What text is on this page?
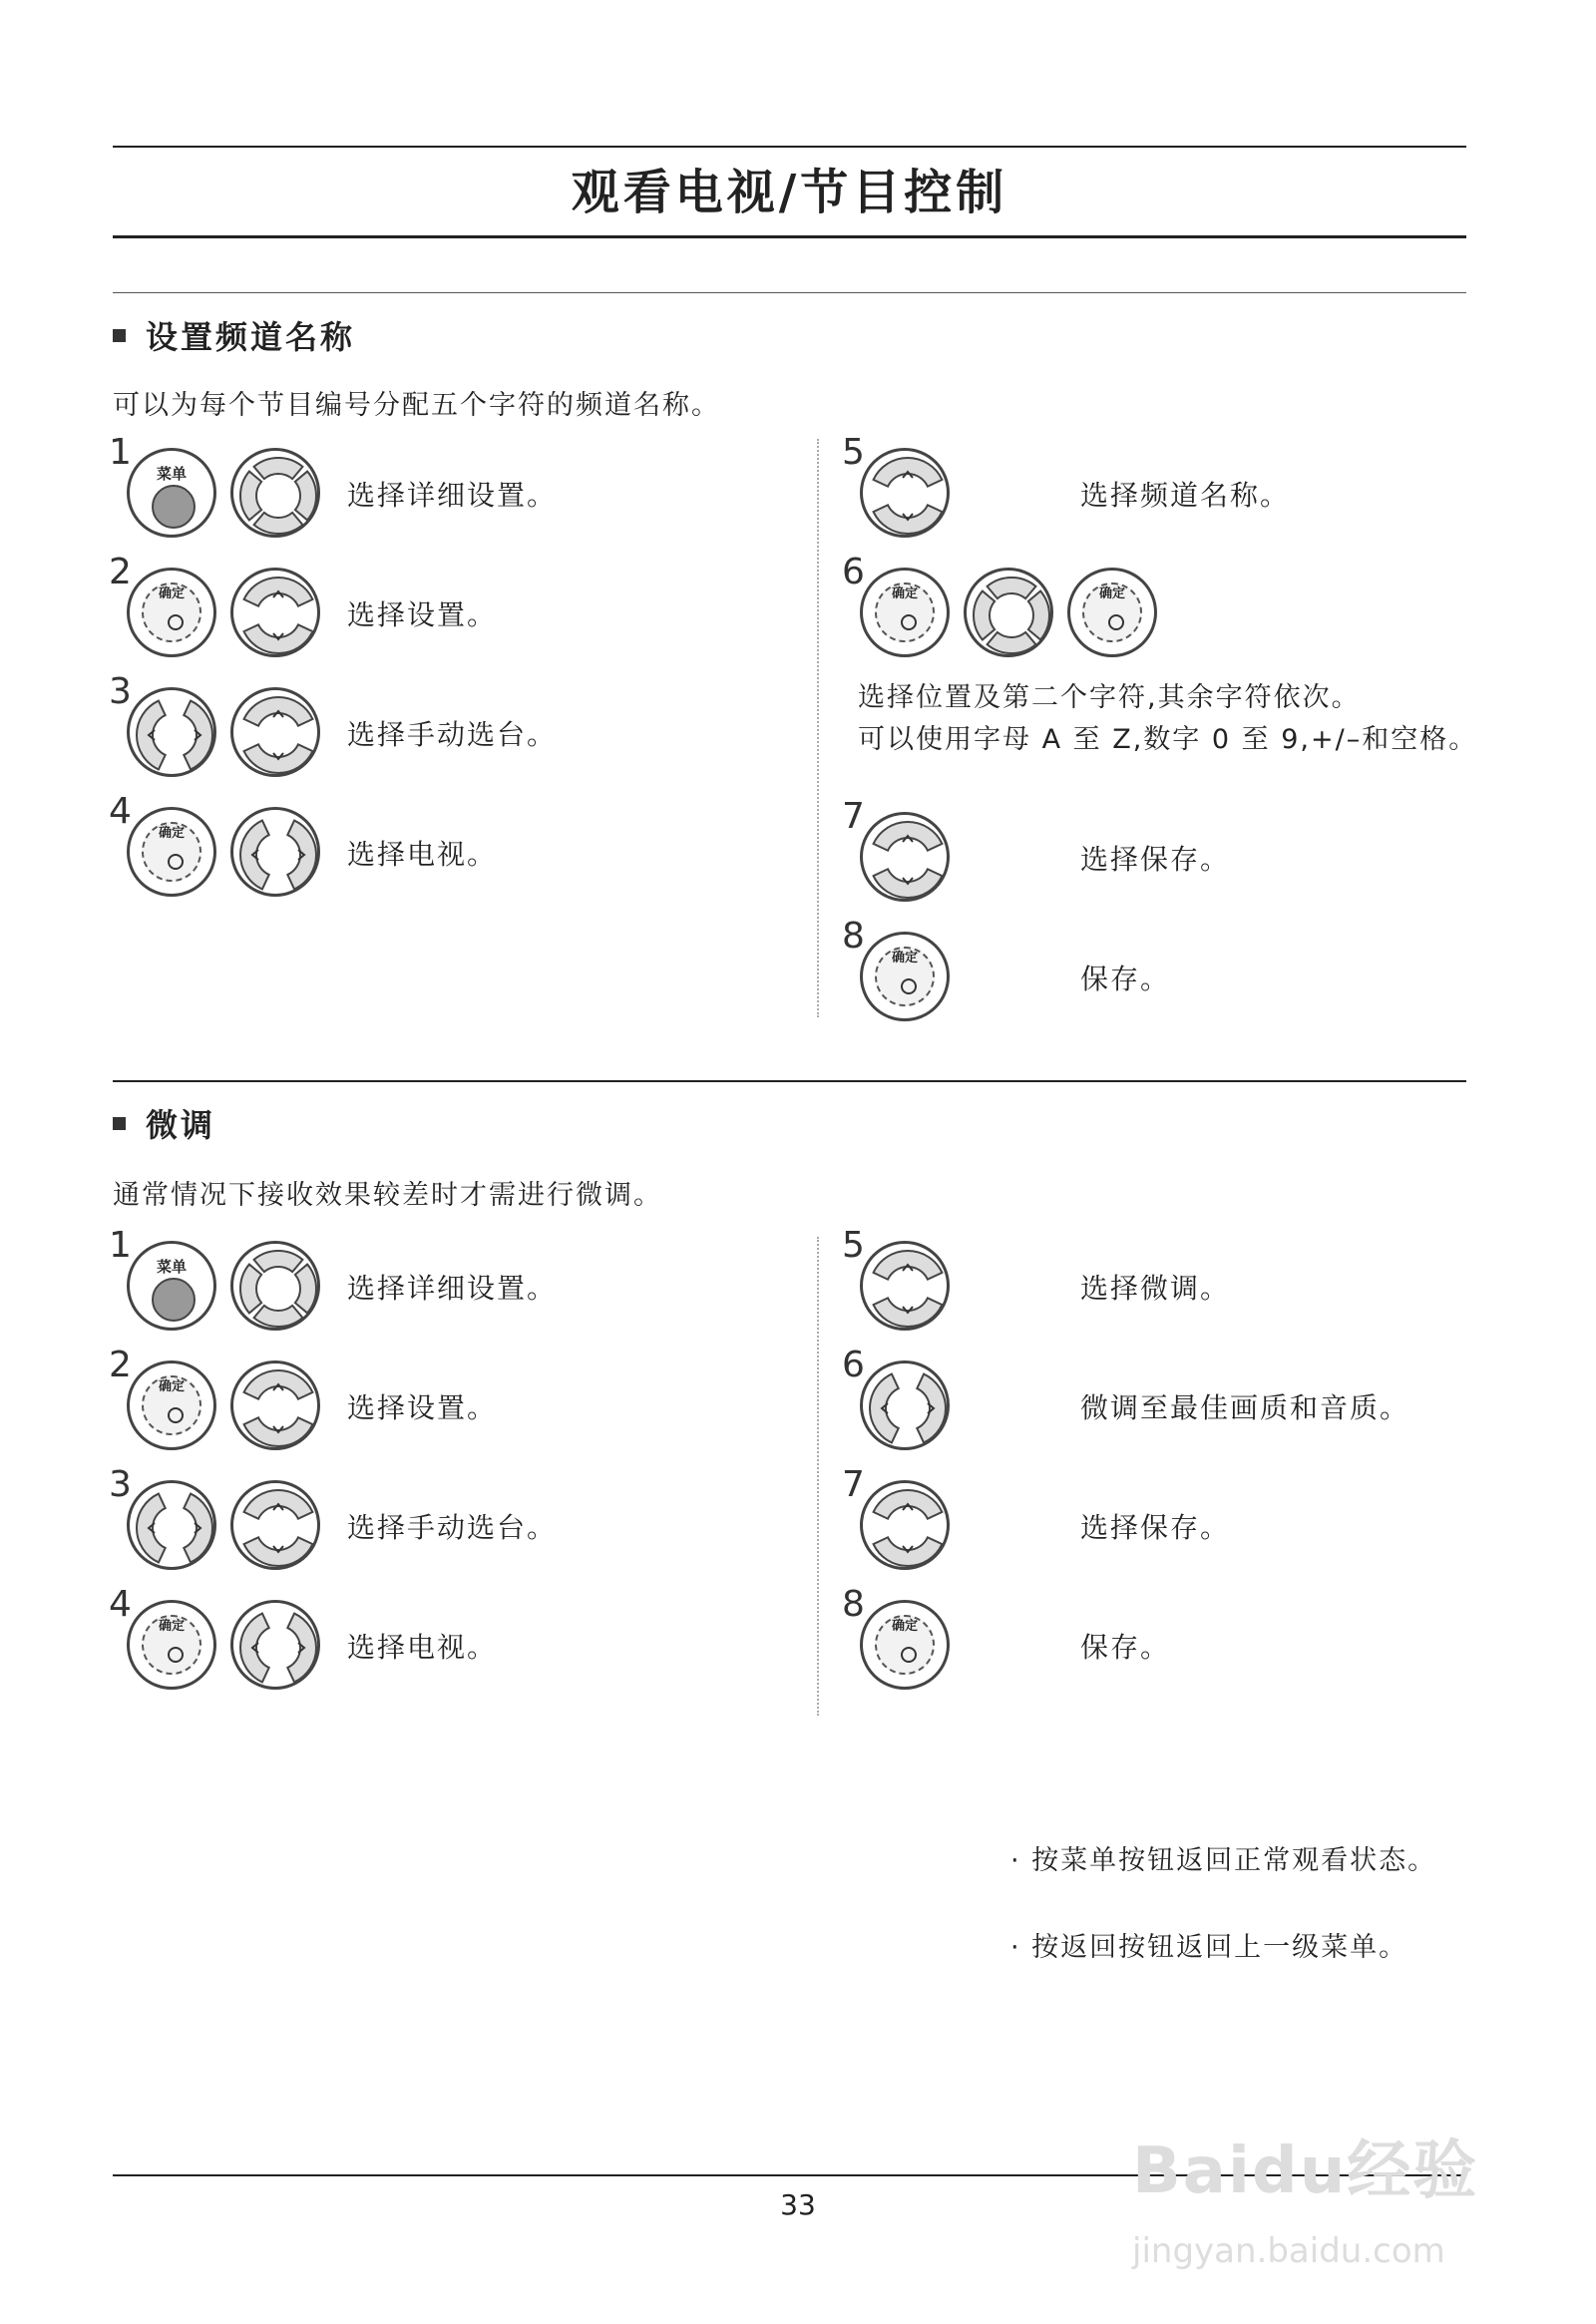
观看电视/节目控制
设置频道名称
可以为每个节目编号分配五个字符的频道名称。
1
菜单
选择详细设置。
2
确定
选择设置。
3
选择手动选台。
4
确定
选择电视。
5
选择频道名称。
6
确定	确定
7
选择保存。
8
确定
保存。
选择位置及第二个字符,其余字符依次。
可以使用字母 A 至 Z,数字 0 至 9,+/–和空格。
微调
通常情况下接收效果较差时才需进行微调。
1
菜单
选择详细设置。
2
确定
选择设置。
3
选择手动选台。
4
确定
选择电视。
5
选择微调。
6
微调至最佳画质和音质。
7
选择保存。
8
确定
保存。
· 按菜单按钮返回正常观看状态。
· 按返回按钮返回上一级菜单。
33	Baidu经验
jingyan.baidu.com
